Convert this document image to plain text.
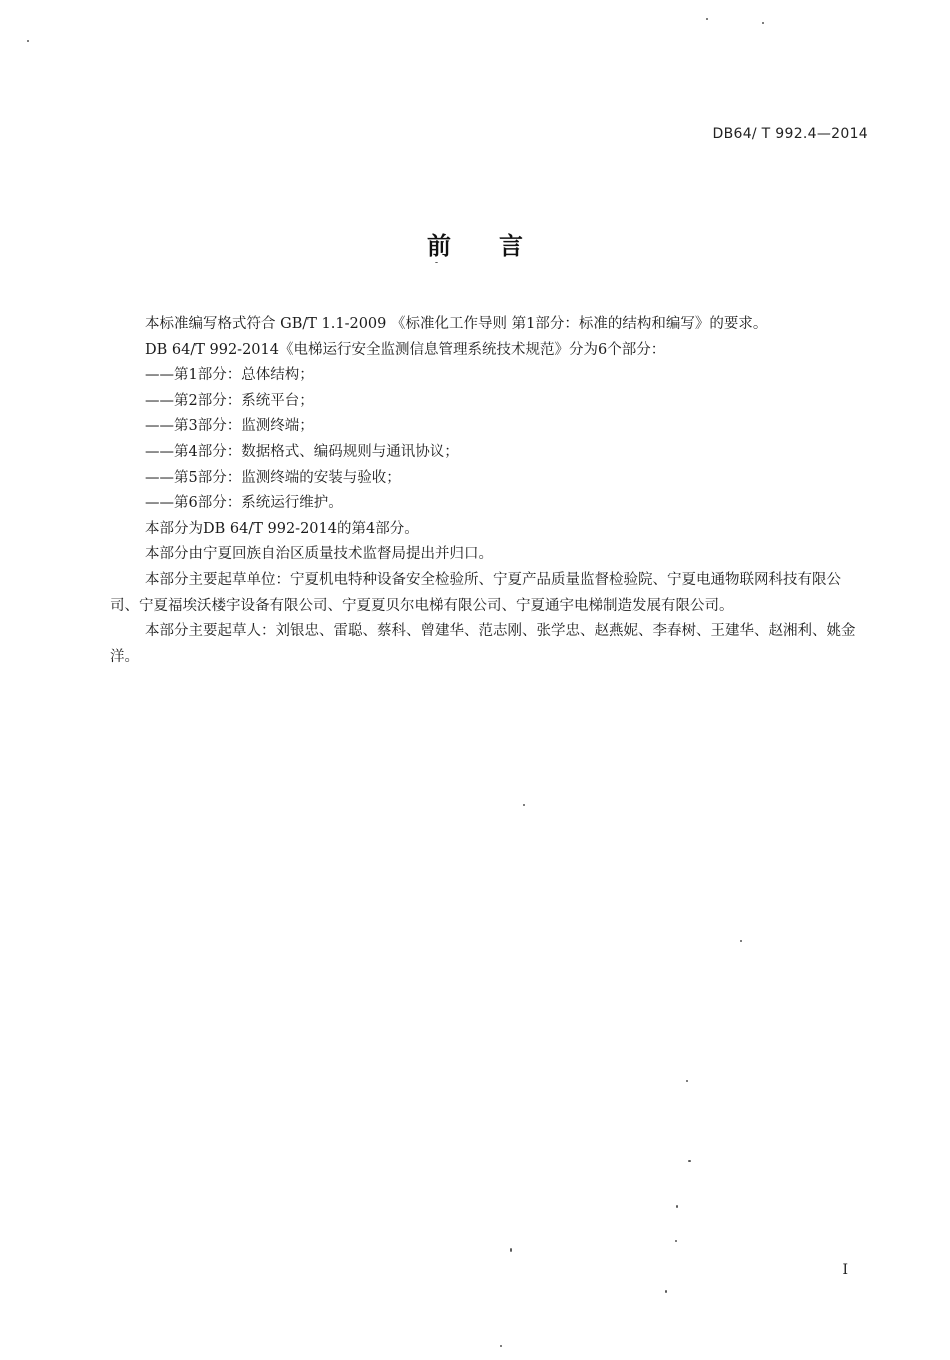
DB64/ T 992.4—2014
前言

本标准编写格式符合 GB/T 1.1-2009 《标准化工作导则 第1部分：标准的结构和编写》的要求。

DB 64/T 992-2014《电梯运行安全监测信息管理系统技术规范》分为6个部分：

——第1部分：总体结构；

——第2部分：系统平台；

——第3部分：监测终端；

——第4部分：数据格式、编码规则与通讯协议；

——第5部分：监测终端的安装与验收；

——第6部分：系统运行维护。

本部分为DB 64/T 992-2014的第4部分。

本部分由宁夏回族自治区质量技术监督局提出并归口。

本部分主要起草单位：宁夏机电特种设备安全检验所、宁夏产品质量监督检验院、宁夏电通物联网科技有限公司、宁夏福埃沃楼宇设备有限公司、宁夏夏贝尔电梯有限公司、宁夏通宇电梯制造发展有限公司。

本部分主要起草人：刘银忠、雷聪、蔡科、曾建华、范志刚、张学忠、赵燕妮、李春树、王建华、赵湘利、姚金洋。

I
